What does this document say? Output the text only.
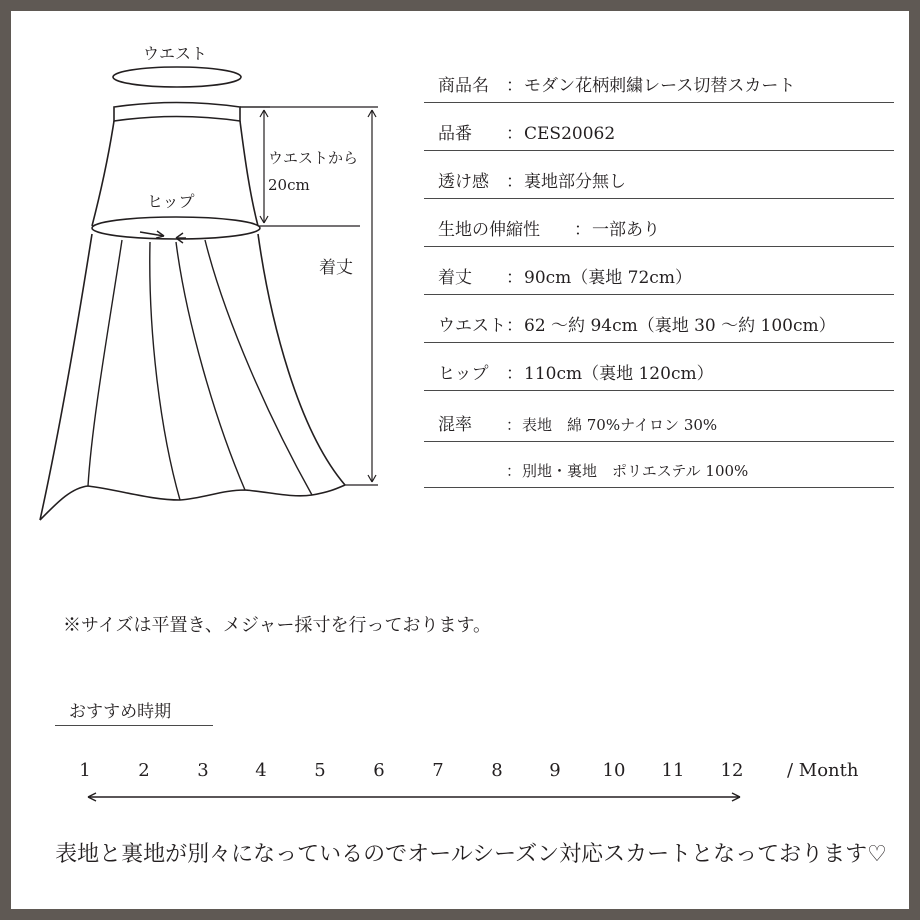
ウエスト
ウエストから
20cm
ヒップ
着丈
商品名 ： モダン花柄刺繍レース切替スカート
品番 ： CES20062
透け感 ： 裏地部分無し
生地の伸縮性 ： 一部あり
着丈 ： 90cm（裏地 72cm）
ウエスト ： 62 ～約 94cm（裏地 30 ～約 100cm）
ヒップ ： 110cm（裏地 120cm）
混率 ： 表地　綿 70%ナイロン 30%
： 別地・裏地　ポリエステル 100%
※サイズは平置き、メジャー採寸を行っております。
おすすめ時期
1	2	3	4	5	6	7	8	9 10 11 12 / Month
表地と裏地が別々になっているのでオールシーズン対応スカートとなっております♡
